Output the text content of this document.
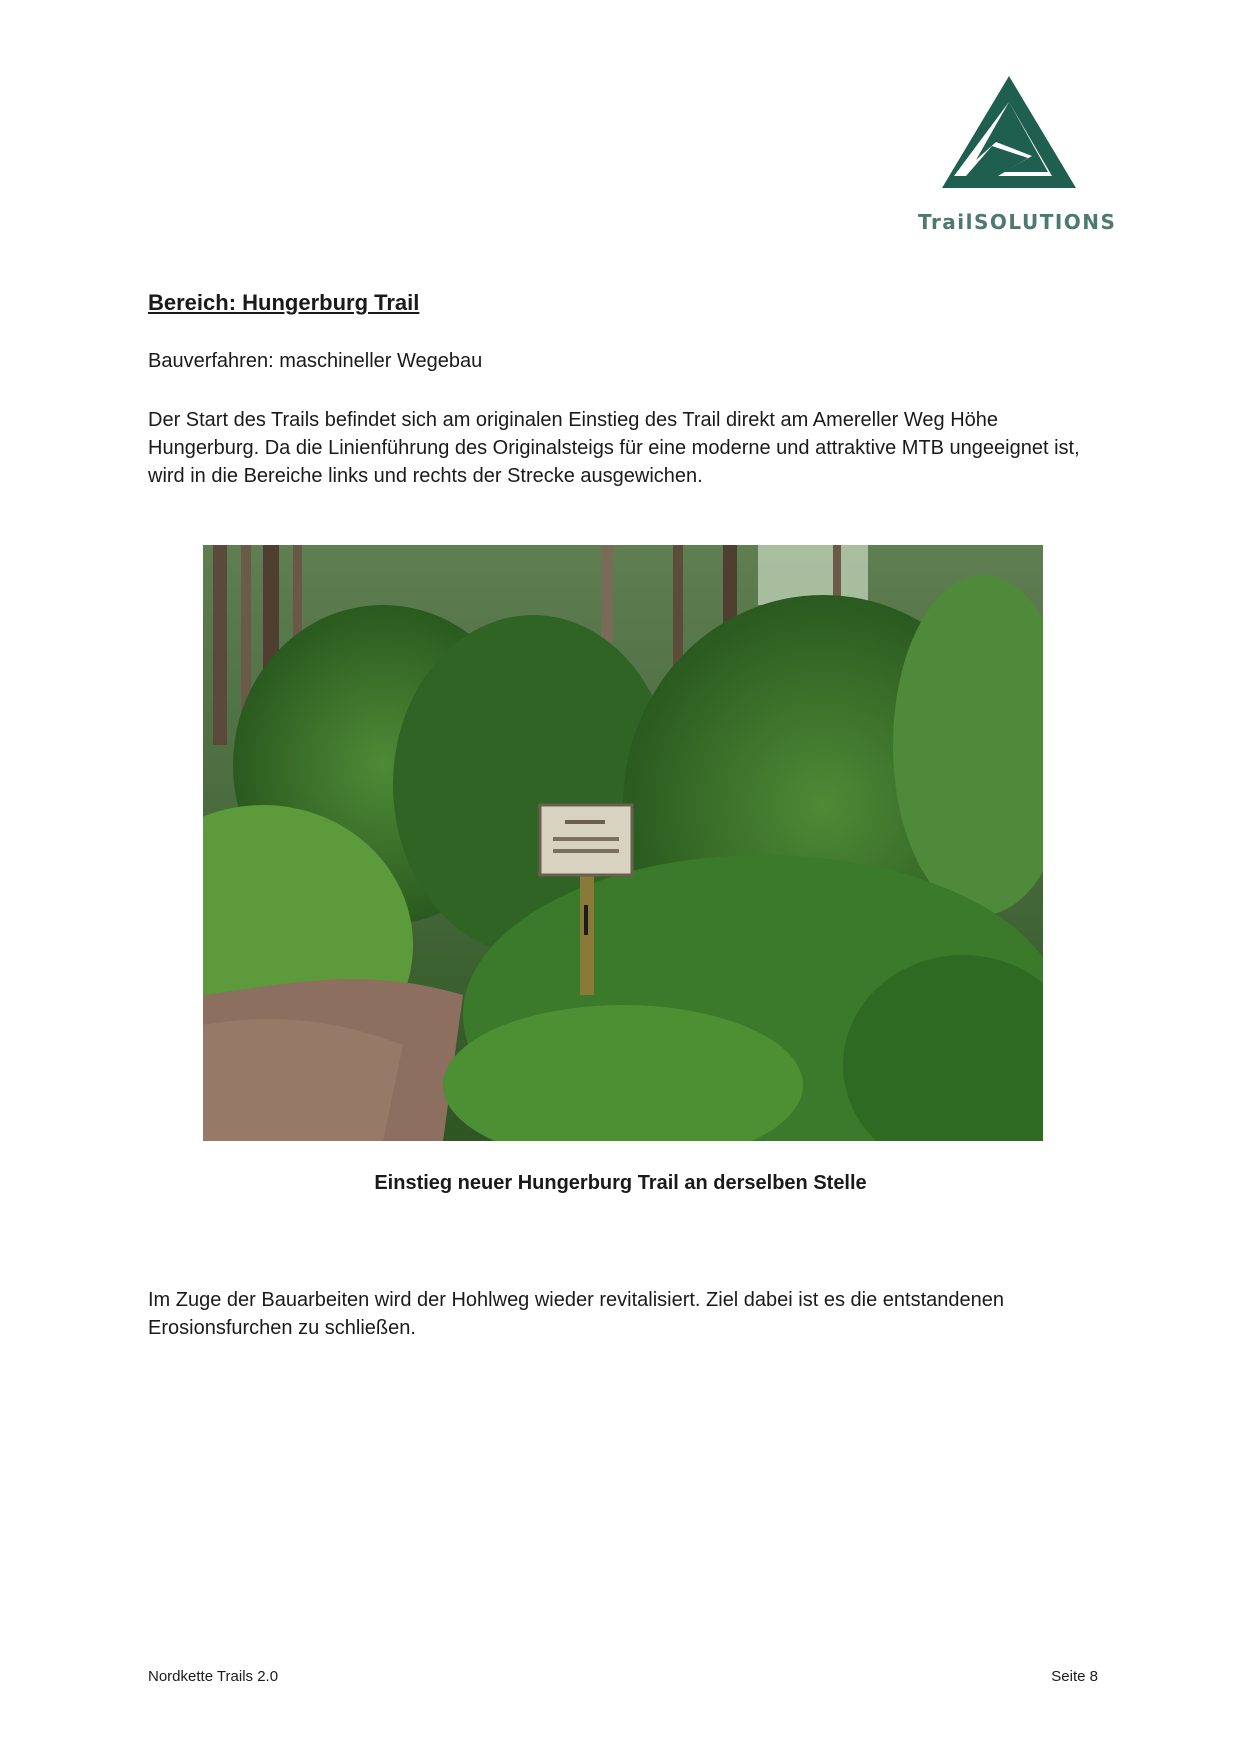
TrailSOLUTIONS
Bereich: Hungerburg Trail
Bauverfahren: maschineller Wegebau
Der Start des Trails befindet sich am originalen Einstieg des Trail direkt am Amereller Weg Höhe Hungerburg. Da die Linienführung des Originalsteigs für eine moderne und attraktive MTB ungeeignet ist, wird in die Bereiche links und rechts der Strecke ausgewichen.
Einstieg neuer Hungerburg Trail an derselben Stelle
Im Zuge der Bauarbeiten wird der Hohlweg wieder revitalisiert. Ziel dabei ist es die entstandenen Erosionsfurchen zu schließen.
Nordkette Trails 2.0	Seite 8
